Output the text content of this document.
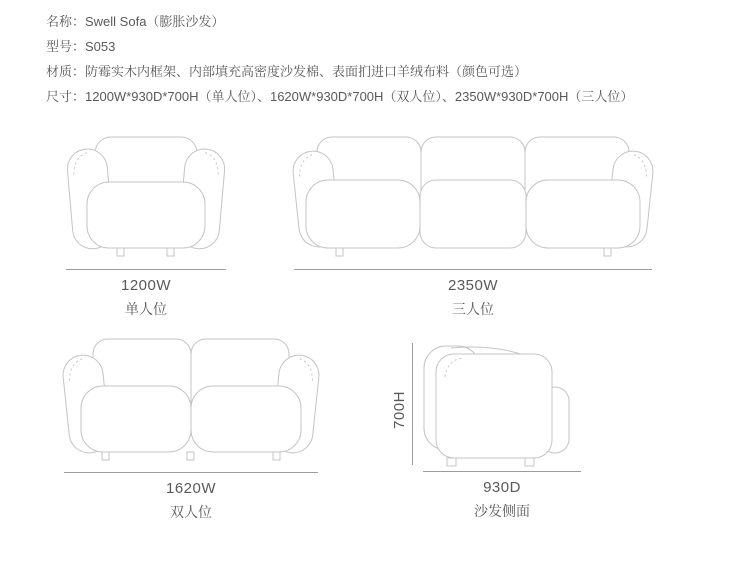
名称：Swell Sofa（膨胀沙发）
型号：S053
材质：防霉实木内框架、内部填充高密度沙发棉、表面扪进口羊绒布料（颜色可选）
尺寸：1200W*930D*700H（单人位）、1620W*930D*700H（双人位）、2350W*930D*700H（三人位）
1200W
单人位
2350W
三人位
1620W
双人位
700H
930D
沙发侧面
